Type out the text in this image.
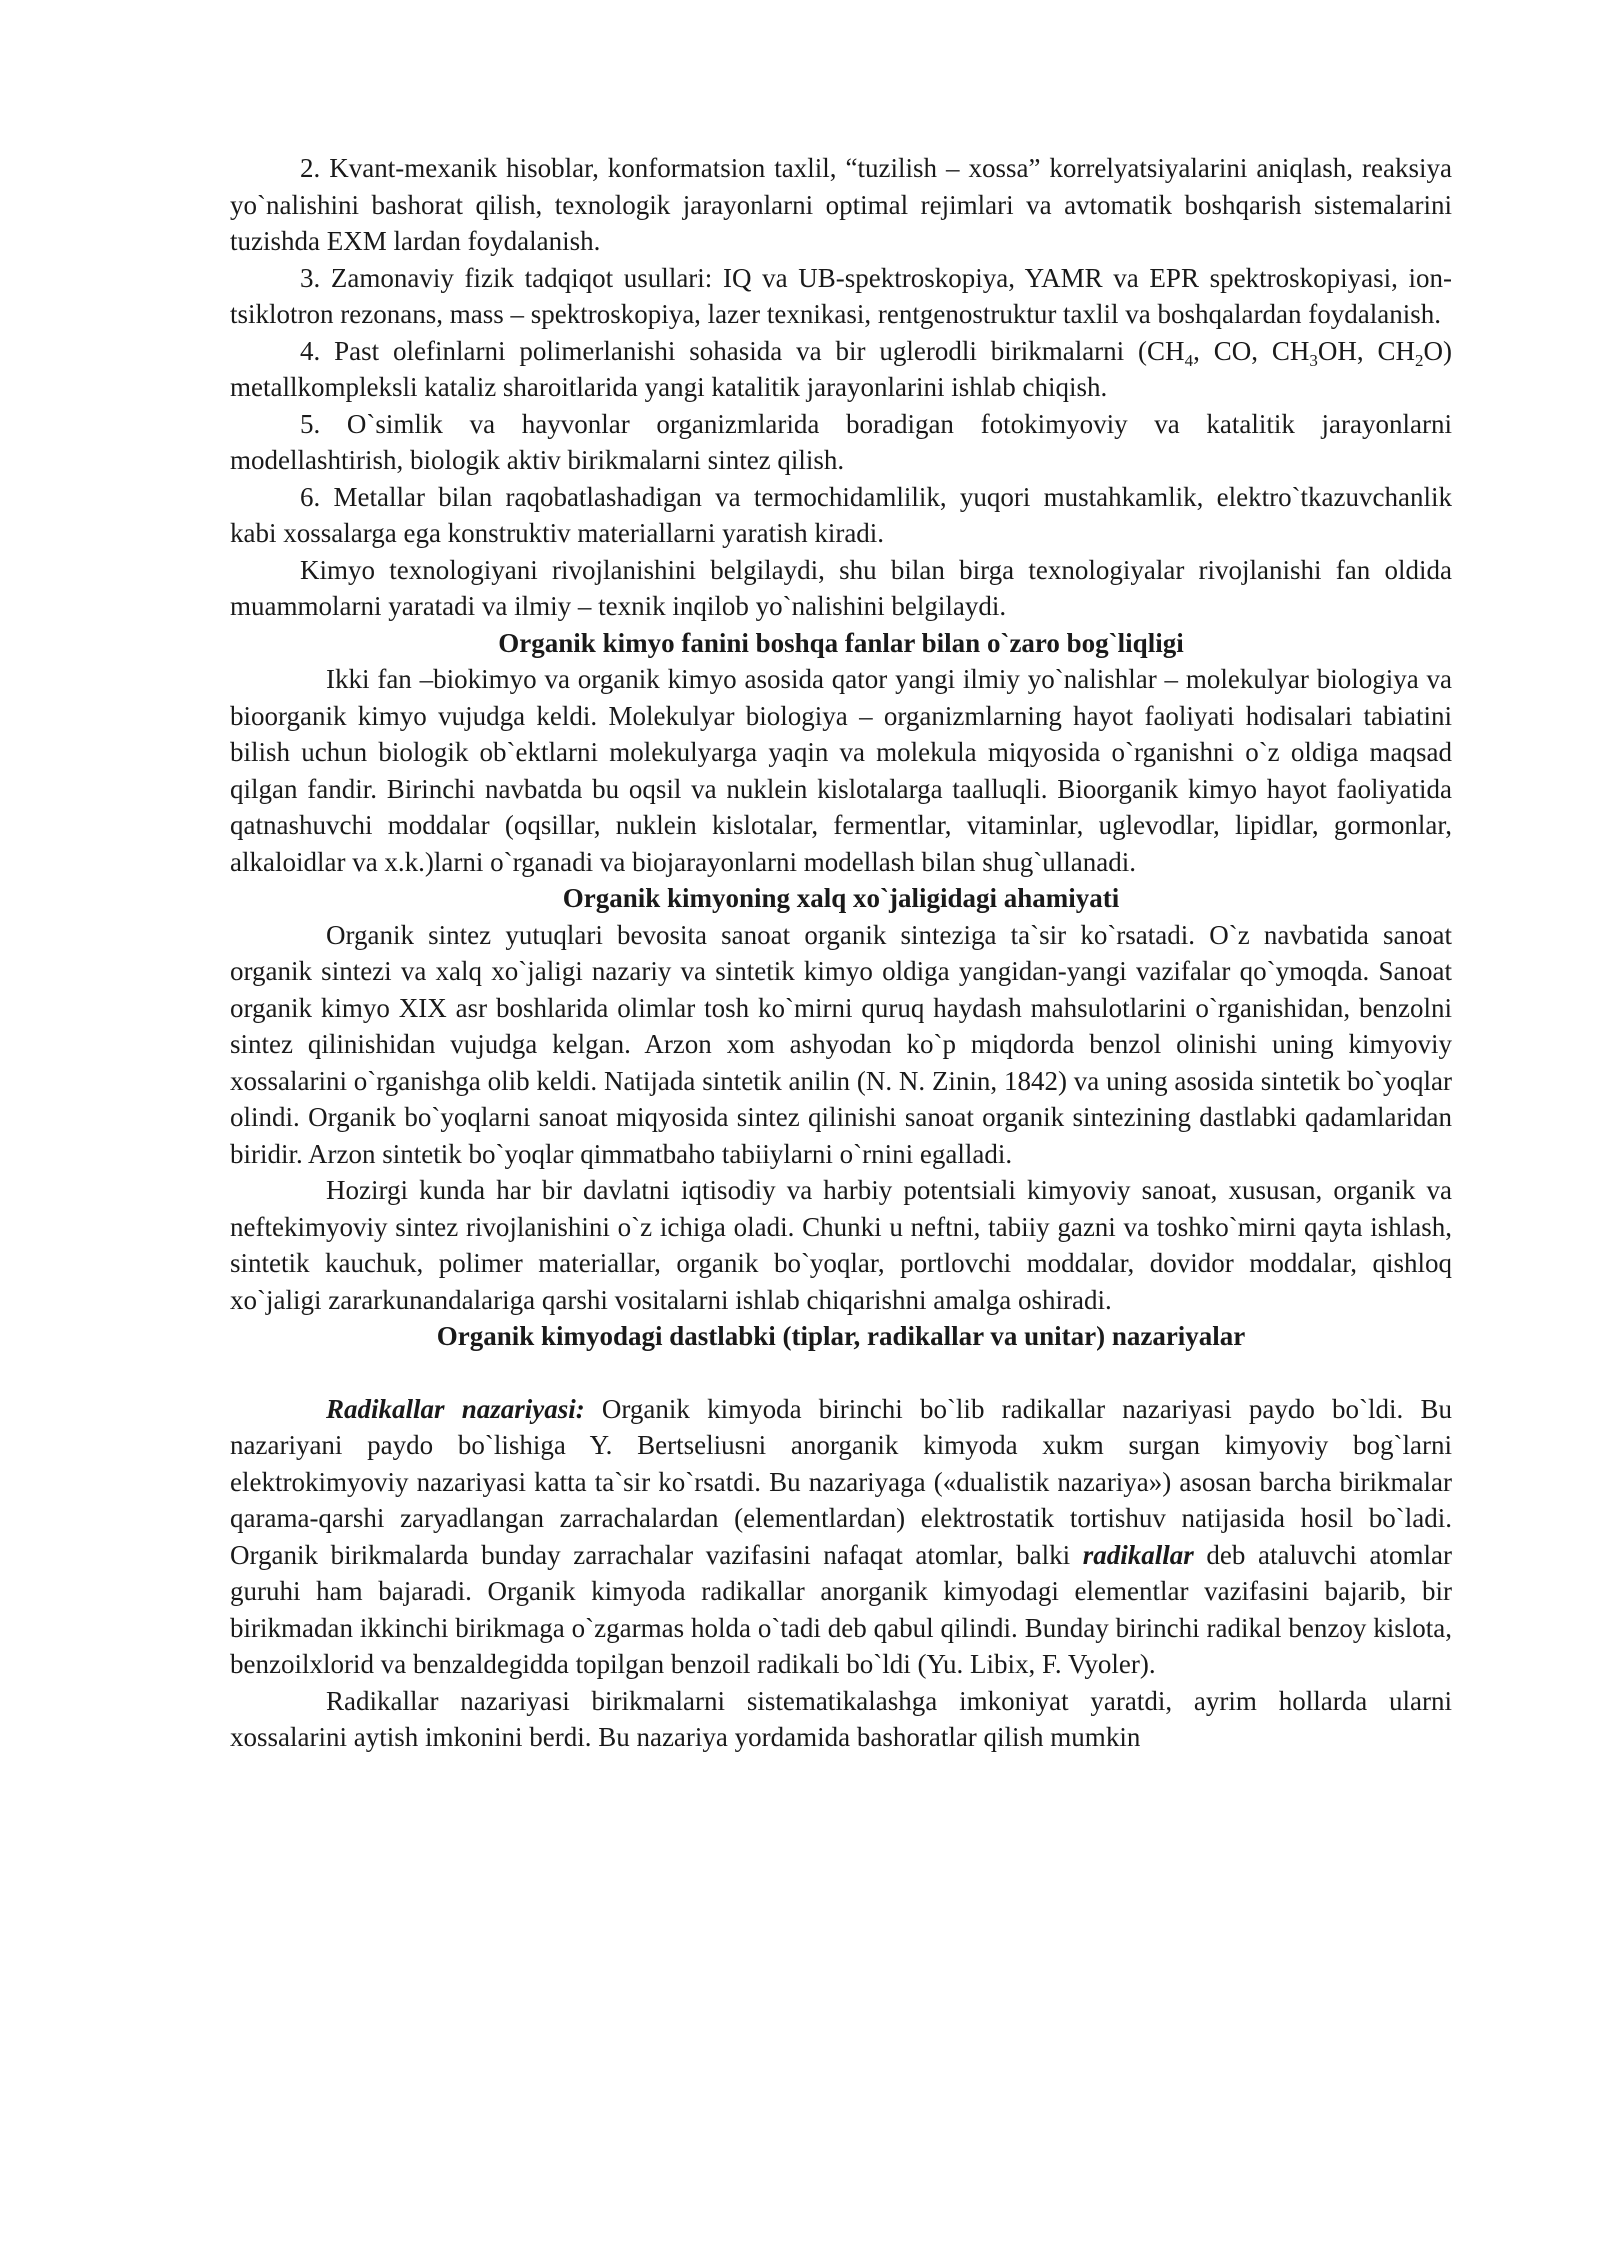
2. Kvant-mexanik hisoblar, konformatsion taxlil, “tuzilish – xossa” korrelyatsiyalarini aniqlash, reaksiya yo`nalishini bashorat qilish, texnologik jarayonlarni optimal rejimlari va avtomatik boshqarish sistemalarini tuzishda EXM lardan foydalanish.

3. Zamonaviy fizik tadqiqot usullari: IQ va UB-spektroskopiya, YAMR va EPR spektroskopiyasi, ion-tsiklotron rezonans, mass – spektroskopiya, lazer texnikasi, rentgenostruktur taxlil va boshqalardan foydalanish.

4. Past olefinlarni polimerlanishi sohasida va bir uglerodli birikmalarni ($CH_4$, CO, $CH_3OH$, $CH_2O$) metallkompleksli kataliz sharoitlarida yangi katalitik jarayonlarini ishlab chiqish.

5. O`simlik va hayvonlar organizmlarida boradigan fotokimyoviy va katalitik jarayonlarni modellashtirish, biologik aktiv birikmalarni sintez qilish.

6. Metallar bilan raqobatlashadigan va termochidamlilik, yuqori mustahkamlik, elektro`tkazuvchanlik kabi xossalarga ega konstruktiv materiallarni yaratish kiradi.

Kimyo texnologiyani rivojlanishini belgilaydi, shu bilan birga texnologiyalar rivojlanishi fan oldida muammolarni yaratadi va ilmiy – texnik inqilob yo`nalishini belgilaydi.

Organik kimyo fanini boshqa fanlar bilan o`zaro bog`liqligi

Ikki fan –biokimyo va organik kimyo asosida qator yangi ilmiy yo`nalishlar – molekulyar biologiya va bioorganik kimyo vujudga keldi. Molekulyar biologiya – organizmlarning hayot faoliyati hodisalari tabiatini bilish uchun biologik ob`ektlarni molekulyarga yaqin va molekula miqyosida o`rganishni o`z oldiga maqsad qilgan fandir. Birinchi navbatda bu oqsil va nuklein kislotalarga taalluqli. Bioorganik kimyo hayot faoliyatida qatnashuvchi moddalar (oqsillar, nuklein kislotalar, fermentlar, vitaminlar, uglevodlar, lipidlar, gormonlar, alkaloidlar va x.k.)larni o`rganadi va biojarayonlarni modellash bilan shug`ullanadi.

Organik kimyoning xalq xo`jaligidagi ahamiyati

Organik sintez yutuqlari bevosita sanoat organik sinteziga ta`sir ko`rsatadi. O`z navbatida sanoat organik sintezi va xalq xo`jaligi nazariy va sintetik kimyo oldiga yangidan-yangi vazifalar qo`ymoqda. Sanoat organik kimyo XIX asr boshlarida olimlar tosh ko`mirni quruq haydash mahsulotlarini o`rganishidan, benzolni sintez qilinishidan vujudga kelgan. Arzon xom ashyodan ko`p miqdorda benzol olinishi uning kimyoviy xossalarini o`rganishga olib keldi. Natijada sintetik anilin (N. N. Zinin, 1842) va uning asosida sintetik bo`yoqlar olindi. Organik bo`yoqlarni sanoat miqyosida sintez qilinishi sanoat organik sintezining dastlabki qadamlaridan biridir. Arzon sintetik bo`yoqlar qimmatbaho tabiiylarni o`rnini egalladi.

Hozirgi kunda har bir davlatni iqtisodiy va harbiy potentsiali kimyoviy sanoat, xususan, organik va neftekimyoviy sintez rivojlanishini o`z ichiga oladi. Chunki u neftni, tabiiy gazni va toshko`mirni qayta ishlash, sintetik kauchuk, polimer materiallar, organik bo`yoqlar, portlovchi moddalar, dovidor moddalar, qishloq xo`jaligi zararkunandalariga qarshi vositalarni ishlab chiqarishni amalga oshiradi.

Organik kimyodagi dastlabki (tiplar, radikallar va unitar) nazariyalar

Radikallar nazariyasi: Organik kimyoda birinchi bo`lib radikallar nazariyasi paydo bo`ldi. Bu nazariyani paydo bo`lishiga Y. Bertseliusni anorganik kimyoda xukm surgan kimyoviy bog`larni elektrokimyoviy nazariyasi katta ta`sir ko`rsatdi. Bu nazariyaga («dualistik nazariya») asosan barcha birikmalar qarama-qarshi zaryadlangan zarrachalardan (elementlardan) elektrostatik tortishuv natijasida hosil bo`ladi. Organik birikmalarda bunday zarrachalar vazifasini nafaqat atomlar, balki radikallar deb ataluvchi atomlar guruhi ham bajaradi. Organik kimyoda radikallar anorganik kimyodagi elementlar vazifasini bajarib, bir birikmadan ikkinchi birikmaga o`zgarmas holda o`tadi deb qabul qilindi. Bunday birinchi radikal benzoy kislota, benzoilxlorid va benzaldegidda topilgan benzoil radikali bo`ldi (Yu. Libix, F. Vyoler).

Radikallar nazariyasi birikmalarni sistematikalashga imkoniyat yaratdi, ayrim hollarda ularni xossalarini aytish imkonini berdi. Bu nazariya yordamida bashoratlar qilish mumkin
